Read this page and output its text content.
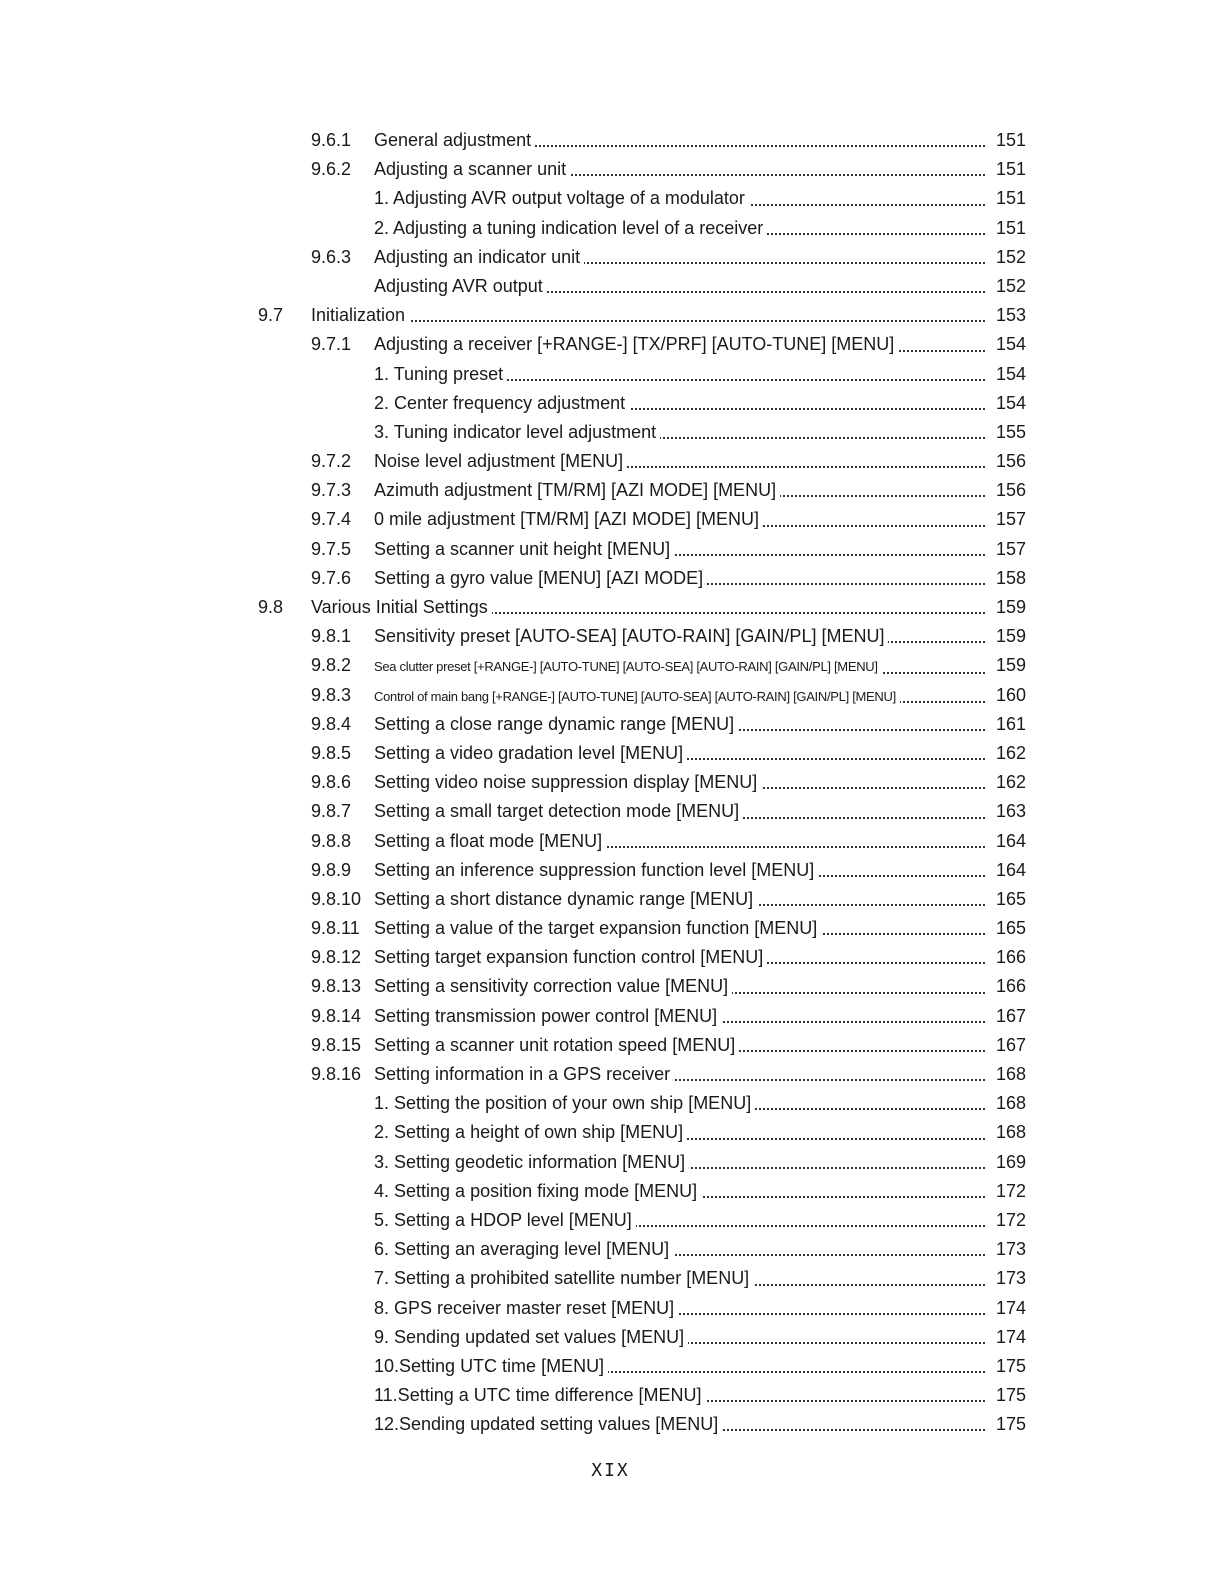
9.6.1 General adjustment	151
9.6.2 Adjusting a scanner unit	151
1. Adjusting AVR output voltage of a modulator	151
2. Adjusting a tuning indication level of a receiver	151
9.6.3 Adjusting an indicator unit	152
Adjusting AVR output	152
9.7 Initialization	153
9.7.1 Adjusting a receiver [+RANGE-] [TX/PRF] [AUTO-TUNE] [MENU]	154
1. Tuning preset	154
2. Center frequency adjustment	154
3. Tuning indicator level adjustment	155
9.7.2 Noise level adjustment [MENU]	156
9.7.3 Azimuth adjustment [TM/RM] [AZI MODE] [MENU]	156
9.7.4 0 mile adjustment [TM/RM] [AZI MODE] [MENU]	157
9.7.5 Setting a scanner unit height [MENU]	157
9.7.6 Setting a gyro value [MENU] [AZI MODE]	158
9.8 Various Initial Settings	159
9.8.1 Sensitivity preset [AUTO-SEA] [AUTO-RAIN] [GAIN/PL] [MENU]	159
9.8.2 Sea clutter preset [+RANGE-] [AUTO-TUNE] [AUTO-SEA] [AUTO-RAIN] [GAIN/PL] [MENU]	159
9.8.3 Control of main bang [+RANGE-] [AUTO-TUNE] [AUTO-SEA] [AUTO-RAIN] [GAIN/PL] [MENU]	160
9.8.4 Setting a close range dynamic range [MENU]	161
9.8.5 Setting a video gradation level [MENU]	162
9.8.6 Setting video noise suppression display [MENU]	162
9.8.7 Setting a small target detection mode [MENU]	163
9.8.8 Setting a float mode [MENU]	164
9.8.9 Setting an inference suppression function level [MENU]	164
9.8.10 Setting a short distance dynamic range [MENU]	165
9.8.11 Setting a value of the target expansion function [MENU]	165
9.8.12 Setting target expansion function control [MENU]	166
9.8.13 Setting a sensitivity correction value [MENU]	166
9.8.14 Setting transmission power control [MENU]	167
9.8.15 Setting a scanner unit rotation speed [MENU]	167
9.8.16 Setting information in a GPS receiver	168
1. Setting the position of your own ship [MENU]	168
2. Setting a height of own ship [MENU]	168
3. Setting geodetic information [MENU]	169
4. Setting a position fixing mode [MENU]	172
5. Setting a HDOP level [MENU]	172
6. Setting an averaging level [MENU]	173
7. Setting a prohibited satellite number [MENU]	173
8. GPS receiver master reset [MENU]	174
9. Sending updated set values [MENU]	174
10.Setting UTC time [MENU]	175
11.Setting a UTC time difference [MENU]	175
12.Sending updated setting values [MENU]	175
XIX
